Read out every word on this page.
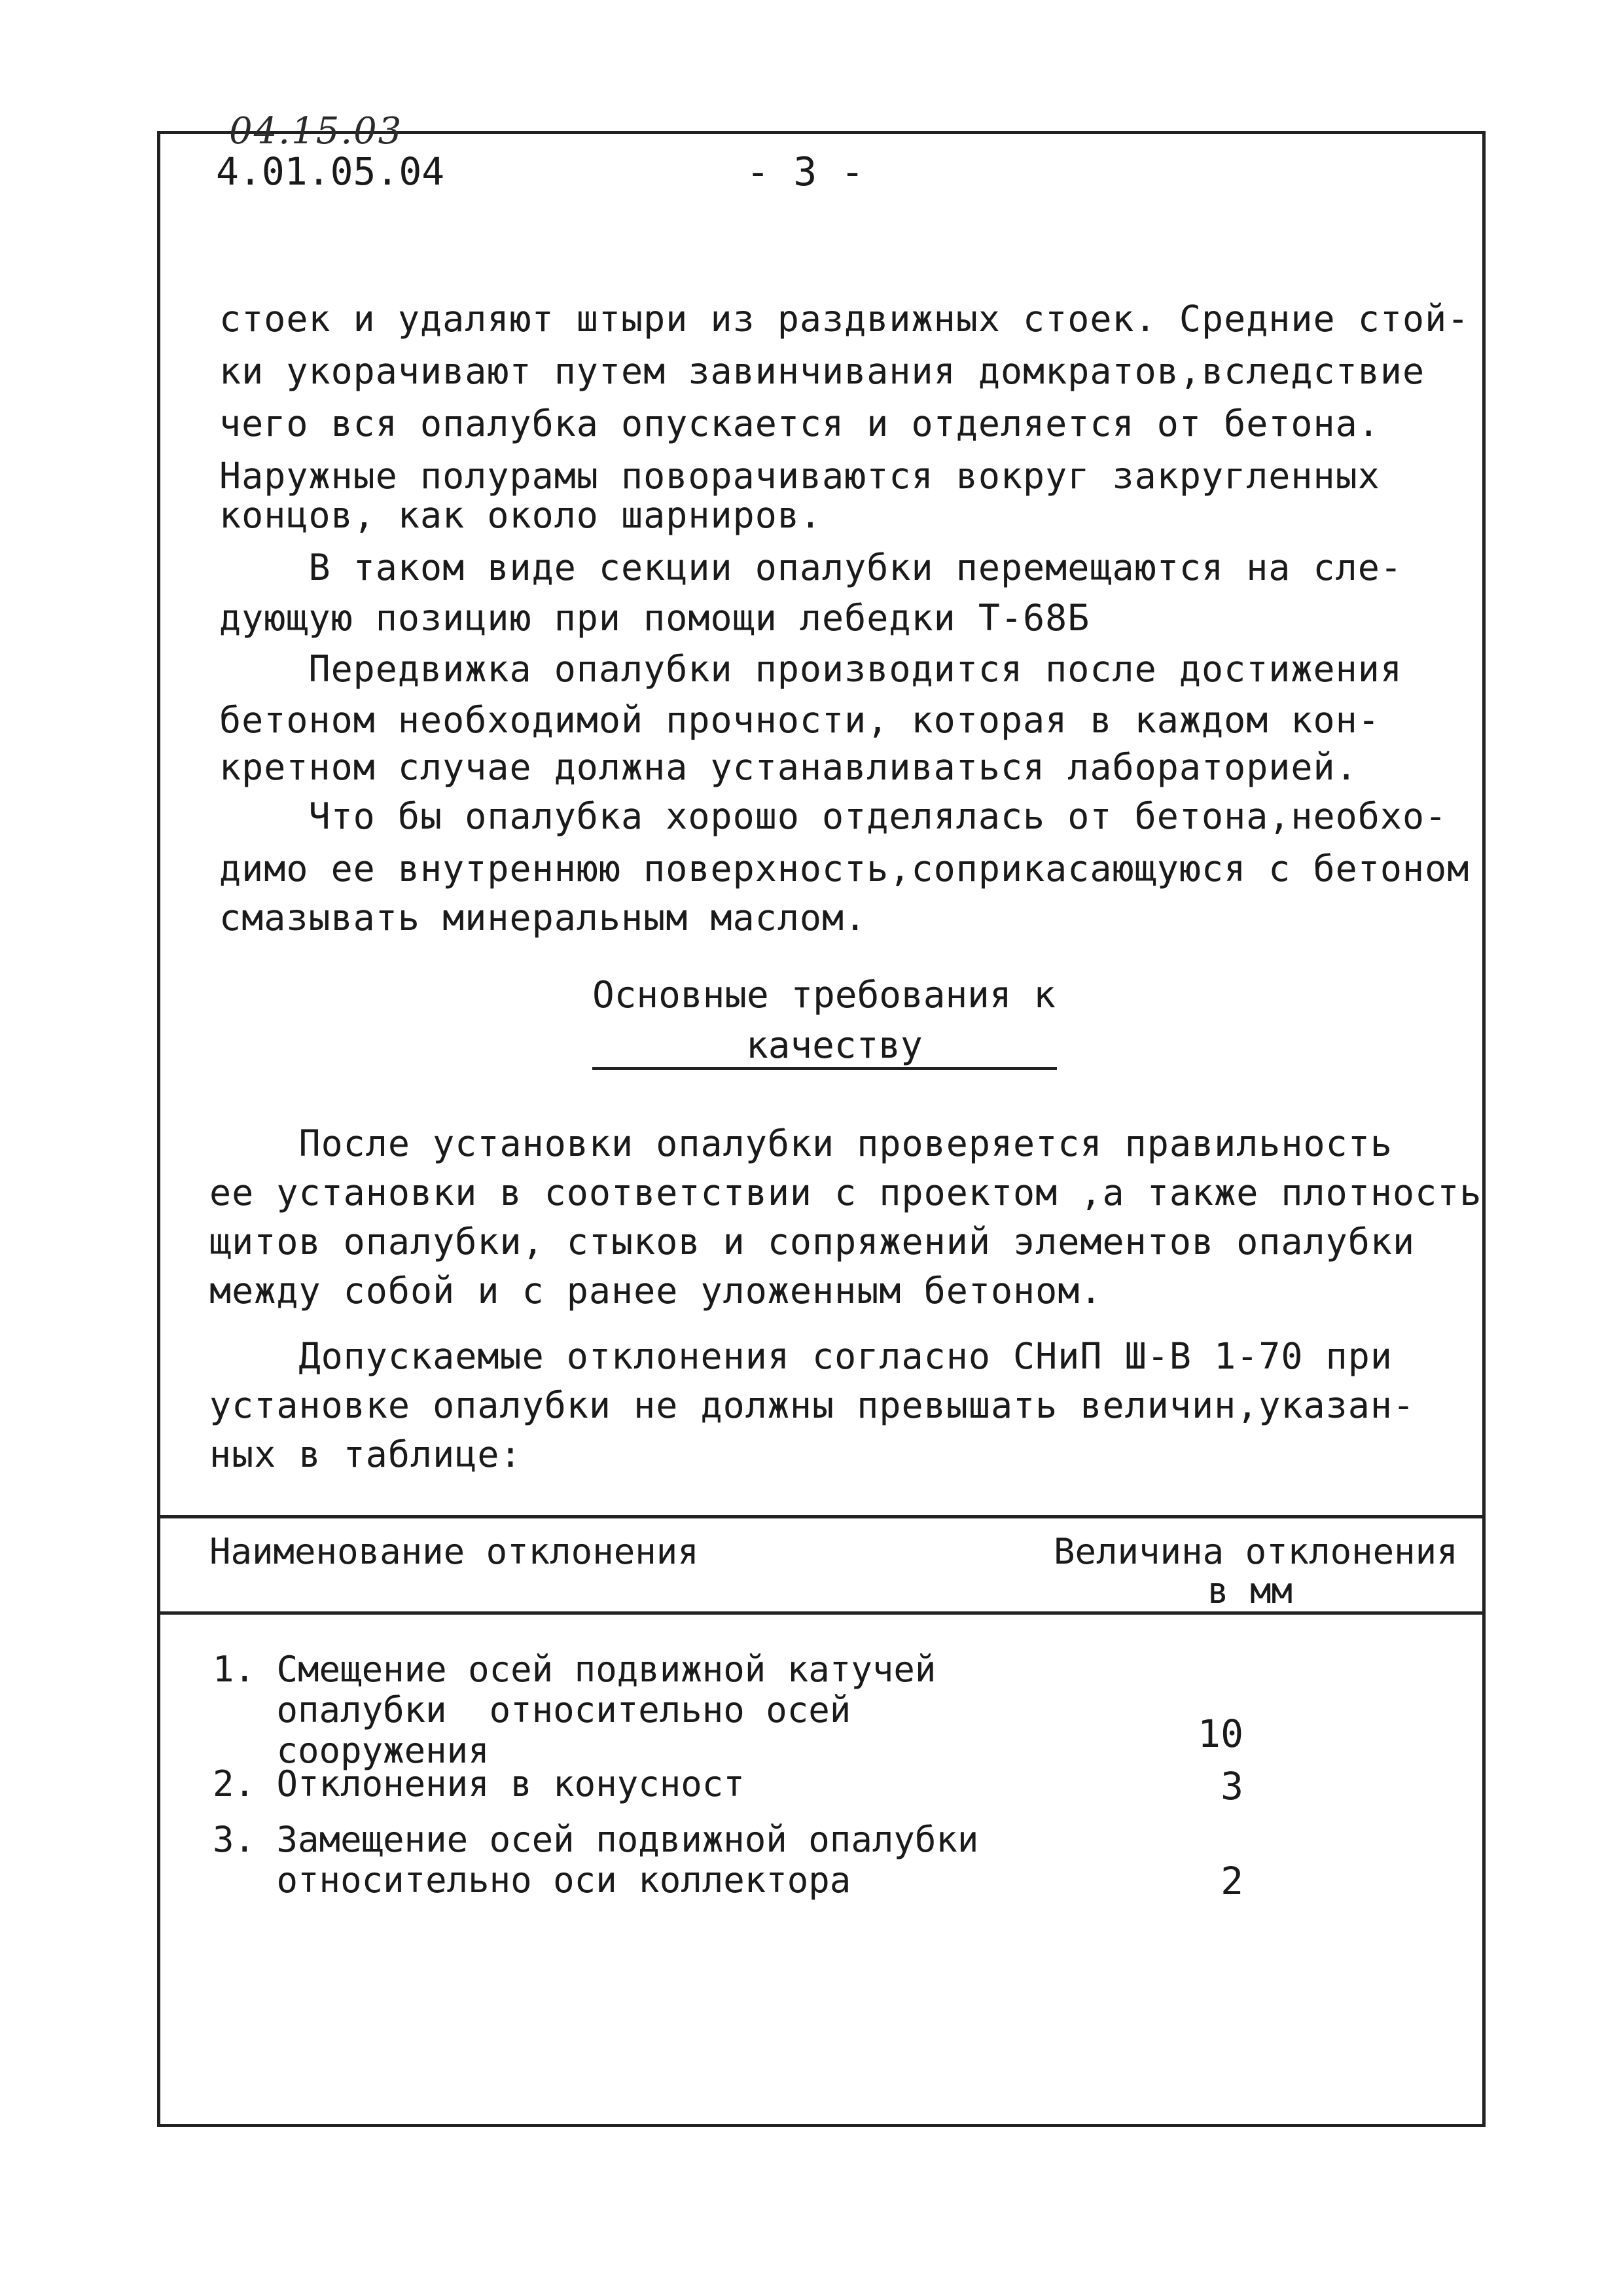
04.15.03
4.01.05.04	- 3 -
стоек и удаляют штыри из раздвижных стоек. Средние стой-
ки укорачивают путем завинчивания домкратов,вследствие
чего вся опалубка опускается и отделяется от бетона.
Наружные полурамы поворачиваются вокруг закругленных
концов, как около шарниров.
В таком виде секции опалубки перемещаются на сле-
дующую позицию при помощи лебедки Т-68Б
Передвижка опалубки производится после достижения
бетоном необходимой прочности, которая в каждом кон-
кретном случае должна устанавливаться лабораторией.
Что бы опалубка хорошо отделялась от бетона,необхо-
димо ее внутреннюю поверхность,соприкасающуюся с бетоном
смазывать минеральным маслом.
Основные требования к
качеству
После установки опалубки проверяется правильность
ее установки в соответствии с проектом ,а также плотность
щитов опалубки, стыков и сопряжений элементов опалубки
между собой и с ранее уложенным бетоном.
Допускаемые отклонения согласно СНиП Ш-В 1-70 при
установке опалубки не должны превышать величин,указан-
ных в таблице:
Наименование отклонения	Величина отклонения
в мм
1. Смещение осей подвижной катучей
опалубки  относительно осей
сооружения	10
2. Отклонения в конусност	3
3. Замещение осей подвижной опалубки
относительно оси коллектора	2
